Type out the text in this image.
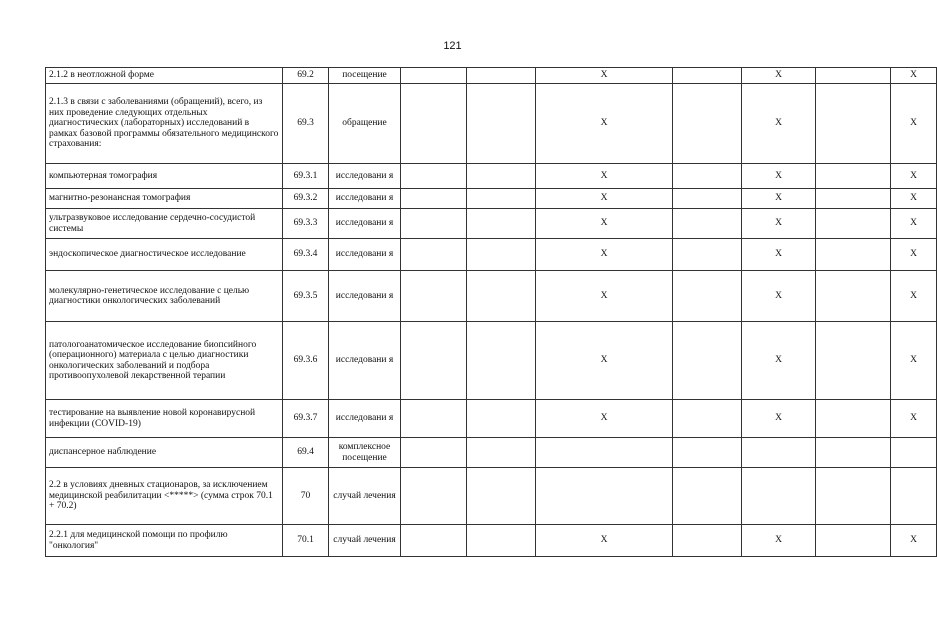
121
2.1.2 в неотложной форме	69.2	посещение			X		X		X
2.1.3 в связи с заболеваниями (обращений), всего, из них проведение следующих отдельных диагностических (лабораторных) исследований в рамках базовой программы обязательного медицинского страхования:	69.3	обращение			X		X		X
компьютерная томография	69.3.1	исследовани я			X		X		X
магнитно-резонансная томография	69.3.2	исследовани я			X		X		X
ультразвуковое исследование сердечно-сосудистой системы	69.3.3	исследовани я			X		X		X
эндоскопическое диагностическое исследование	69.3.4	исследовани я			X		X		X
молекулярно-генетическое исследование с целью диагностики онкологических заболеваний	69.3.5	исследовани я			X		X		X
патологоанатомическое исследование биопсийного (операционного) материала с целью диагностики онкологических заболеваний и подбора противоопухолевой лекарственной терапии	69.3.6	исследовани я			X		X		X
тестирование на выявление новой коронавирусной инфекции (COVID-19)	69.3.7	исследовани я			X		X		X
диспансерное наблюдение	69.4	комплексное посещение							
2.2 в условиях дневных стационаров, за исключением медицинской реабилитации <*****> (сумма строк 70.1 + 70.2)	70	случай лечения							
2.2.1 для медицинской помощи по профилю "онкология"	70.1	случай лечения			X		X		X
